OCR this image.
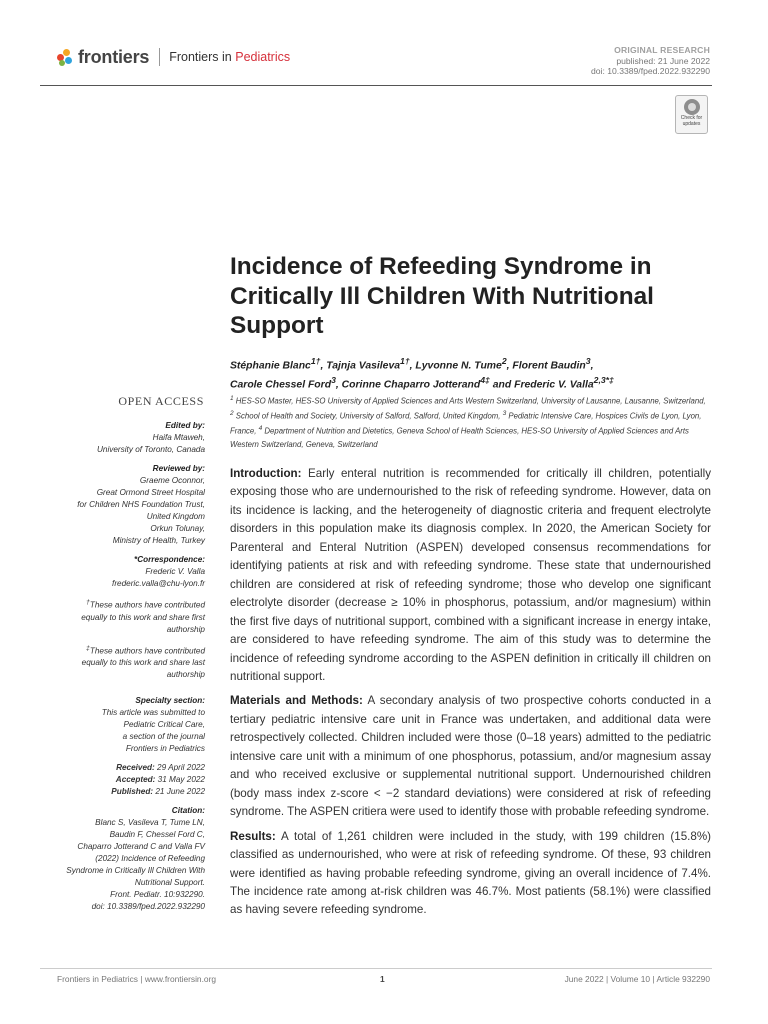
frontiers Frontiers in Pediatrics	ORIGINAL RESEARCH
published: 21 June 2022
doi: 10.3389/fped.2022.932290
Check for
updates
Incidence of Refeeding Syndrome in Critically Ill Children With Nutritional Support
Stéphanie Blanc$^{1\dagger}$, Tajnja Vasileva$^{1\dagger}$, Lyvonne N. Tume$^2$, Florent Baudin$^3$,
Carole Chessel Ford$^3$, Corinne Chaparro Jotterand$^{4\ddagger}$ and Frederic V. Valla$^{2,3*\ddagger}$
$^1$ HES-SO Master, HES-SO University of Applied Sciences and Arts Western Switzerland, University of Lausanne, Lausanne, Switzerland, $^2$ School of Health and Society, University of Salford, Salford, United Kingdom, $^3$ Pediatric Intensive Care, Hospices Civils de Lyon, Lyon, France, $^4$ Department of Nutrition and Dietetics, Geneva School of Health Sciences, HES-SO University of Applied Sciences and Arts Western Switzerland, Geneva, Switzerland
OPEN ACCESS
Edited by:
Haifa Mtaweh,
University of Toronto, Canada
Reviewed by:
Graeme Oconnor,
Great Ormond Street Hospital
for Children NHS Foundation Trust,
United Kingdom
Orkun Tolunay,
Ministry of Health, Turkey
*Correspondence:
Frederic V. Valla
frederic.valla@chu-lyon.fr
†These authors have contributed
equally to this work and share first
authorship
‡These authors have contributed
equally to this work and share last
authorship
Specialty section:
This article was submitted to
Pediatric Critical Care,
a section of the journal
Frontiers in Pediatrics
Received: 29 April 2022
Accepted: 31 May 2022
Published: 21 June 2022
Citation:
Blanc S, Vasileva T, Tume LN,
Baudin F, Chessel Ford C,
Chaparro Jotterand C and Valla FV
(2022) Incidence of Refeeding
Syndrome in Critically Ill Children With
Nutritional Support.
Front. Pediatr. 10:932290.
doi: 10.3389/fped.2022.932290

Introduction: Early enteral nutrition is recommended for critically ill children, potentially exposing those who are undernourished to the risk of refeeding syndrome. However, data on its incidence is lacking, and the heterogeneity of diagnostic criteria and frequent electrolyte disorders in this population make its diagnosis complex. In 2020, the American Society for Parenteral and Enteral Nutrition (ASPEN) developed consensus recommendations for identifying patients at risk and with refeeding syndrome. These state that undernourished children are considered at risk of refeeding syndrome; those who develop one significant electrolyte disorder (decrease ≥ 10% in phosphorus, potassium, and/or magnesium) within the first five days of nutritional support, combined with a significant increase in energy intake, are considered to have refeeding syndrome. The aim of this study was to determine the incidence of refeeding syndrome according to the ASPEN definition in critically ill children on nutritional support.

Materials and Methods: A secondary analysis of two prospective cohorts conducted in a tertiary pediatric intensive care unit in France was undertaken, and additional data were retrospectively collected. Children included were those (0–18 years) admitted to the pediatric intensive care unit with a minimum of one phosphorus, potassium, and/or magnesium assay and who received exclusive or supplemental nutritional support. Undernourished children (body mass index z-score < −2 standard deviations) were considered at risk of refeeding syndrome. The ASPEN critiera were used to identify those with probable refeeding syndrome.

Results: A total of 1,261 children were included in the study, with 199 children (15.8%) classified as undernourished, who were at risk of refeeding syndrome. Of these, 93 children were identified as having probable refeeding syndrome, giving an overall incidence of 7.4%. The incidence rate among at-risk children was 46.7%. Most patients (58.1%) were classified as having severe refeeding syndrome.

Frontiers in Pediatrics | www.frontiersin.org	1	June 2022 | Volume 10 | Article 932290
